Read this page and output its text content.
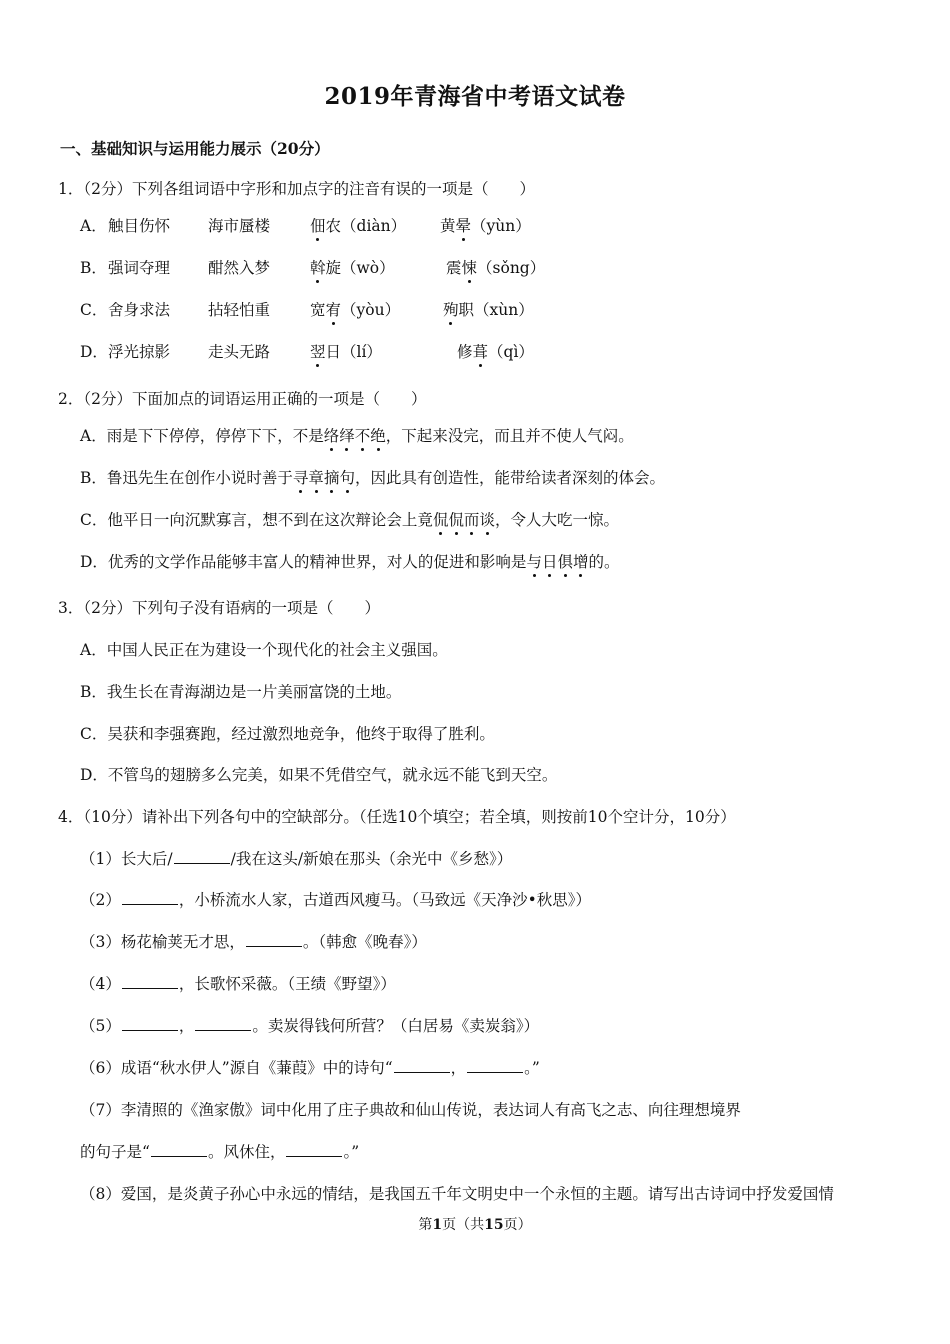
2019年青海省中考语文试卷
一、基础知识与运用能力展示（20分）
1．（2分）下列各组词语中字形和加点字的注音有误的一项是（　　）
A． 触目伤怀 海市蜃楼	佃农（diàn） 黄晕（yùn）
B． 强词夺理 酣然入梦	斡旋（wò）	震悚（sǒng）
C． 舍身求法 拈轻怕重	宽宥（yòu）	殉职（xùn）
D． 浮光掠影 走头无路	翌日（lí）	修葺（qì）
2．（2分）下面加点的词语运用正确的一项是（　　）
A．雨是下下停停，停停下下，不是络绎不绝，下起来没完，而且并不使人气闷。
B．鲁迅先生在创作小说时善于寻章摘句，因此具有创造性，能带给读者深刻的体会。
C．他平日一向沉默寡言，想不到在这次辩论会上竟侃侃而谈，令人大吃一惊。
D．优秀的文学作品能够丰富人的精神世界，对人的促进和影响是与日俱增的。
3．（2分）下列句子没有语病的一项是（　　）
A．中国人民正在为建设一个现代化的社会主义强国。
B．我生长在青海湖边是一片美丽富饶的土地。
C．吴获和李强赛跑，经过激烈地竞争，他终于取得了胜利。
D．不管鸟的翅膀多么完美，如果不凭借空气，就永远不能飞到天空。
4．（10分）请补出下列各句中的空缺部分。（任选10个填空；若全填，则按前10个空计分，10分）
（1）长大后/	/我在这头/新娘在那头（余光中《乡愁》）
（2）	，小桥流水人家，古道西风瘦马。（马致远《天净沙•秋思》）
（3）杨花榆荚无才思，	。（韩愈《晚春》）
（4）	，长歌怀采薇。（王绩《野望》）
（5）	，	。卖炭得钱何所营？（白居易《卖炭翁》）
（6）成语“秋水伊人”源自《蒹葭》中的诗句“	，	。”
（7）李清照的《渔家傲》词中化用了庄子典故和仙山传说，表达词人有高飞之志、向往理想境界
的句子是“	。风休住，	。”
（8）爱国，是炎黄子孙心中永远的情结，是我国五千年文明史中一个永恒的主题。请写出古诗词中抒发爱国情
第1页（共15页）
